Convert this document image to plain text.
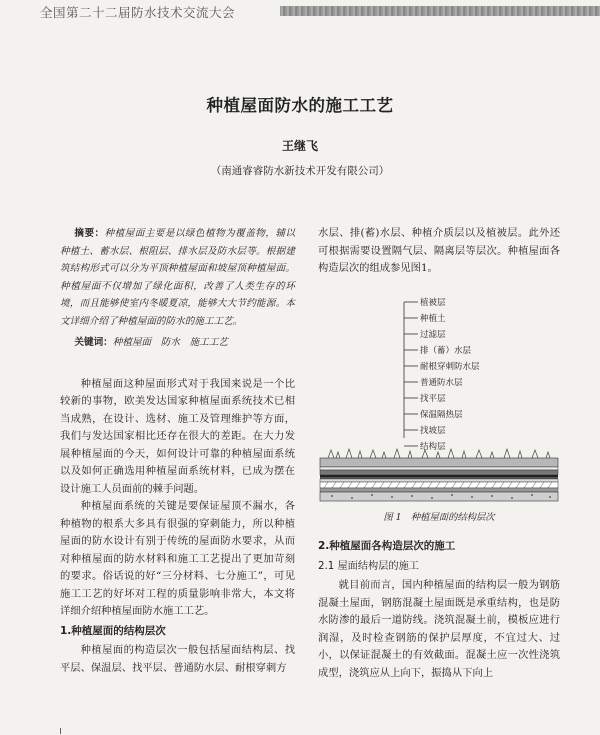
全国第二十二届防水技术交流大会
种植屋面防水的施工工艺
王继飞
（南通睿睿防水新技术开发有限公司）

摘要：种植屋面主要是以绿色植物为覆盖物，辅以种植土、蓄水层、根阻层、排水层及防水层等。根据建筑结构形式可以分为平顶种植屋面和坡屋顶种植屋面。种植屋面不仅增加了绿化面积，改善了人类生存的环境，而且能够使室内冬暖夏凉，能够大大节约能源。本文详细介绍了种植屋面的防水的施工工艺。

关键词：种植屋面　防水　施工工艺

种植屋面这种屋面形式对于我国来说是一个比较新的事物，欧美发达国家种植屋面系统技术已相当成熟，在设计、选材、施工及管理维护等方面，我们与发达国家相比还存在很大的差距。在大力发展种植屋面的今天，如何设计可靠的种植屋面系统以及如何正确选用种植屋面系统材料，已成为摆在设计施工人员面前的棘手问题。

种植屋面系统的关键是要保证屋顶不漏水，各种植物的根系大多具有很强的穿刺能力，所以种植屋面的防水设计有别于传统的屋面防水要求，从而对种植屋面的防水材料和施工工艺提出了更加苛刻的要求。俗话说的好“三分材料、七分施工”，可见施工工艺的好坏对工程的质量影响非常大，本文将详细介绍种植屋面防水施工工艺。

1.种植屋面的结构层次

种植屋面的构造层次一般包括屋面结构层、找平层、保温层、找平层、普通防水层、耐根穿刺方

水层、排(蓄)水层、种植介质层以及植被层。此外还可根据需要设置隔气层、隔离层等层次。种植屋面各构造层次的组成参见图1。

植被层
种植土
过滤层
排（蓄）水层
耐根穿刺防水层
普通防水层
找平层
保温隔热层
找坡层
结构层
图 1　种植屋面的结构层次
2.种植屋面各构造层次的施工
2.1 屋面结构层的施工

就目前而言，国内种植屋面的结构层一般为钢筋混凝土屋面，钢筋混凝土屋面既是承重结构，也是防水防渗的最后一道防线。浇筑混凝土前，模板应进行润湿，及时检查钢筋的保护层厚度，不宜过大、过小，以保证混凝土的有效截面。混凝土应一次性浇筑成型，浇筑应从上向下，振捣从下向上
